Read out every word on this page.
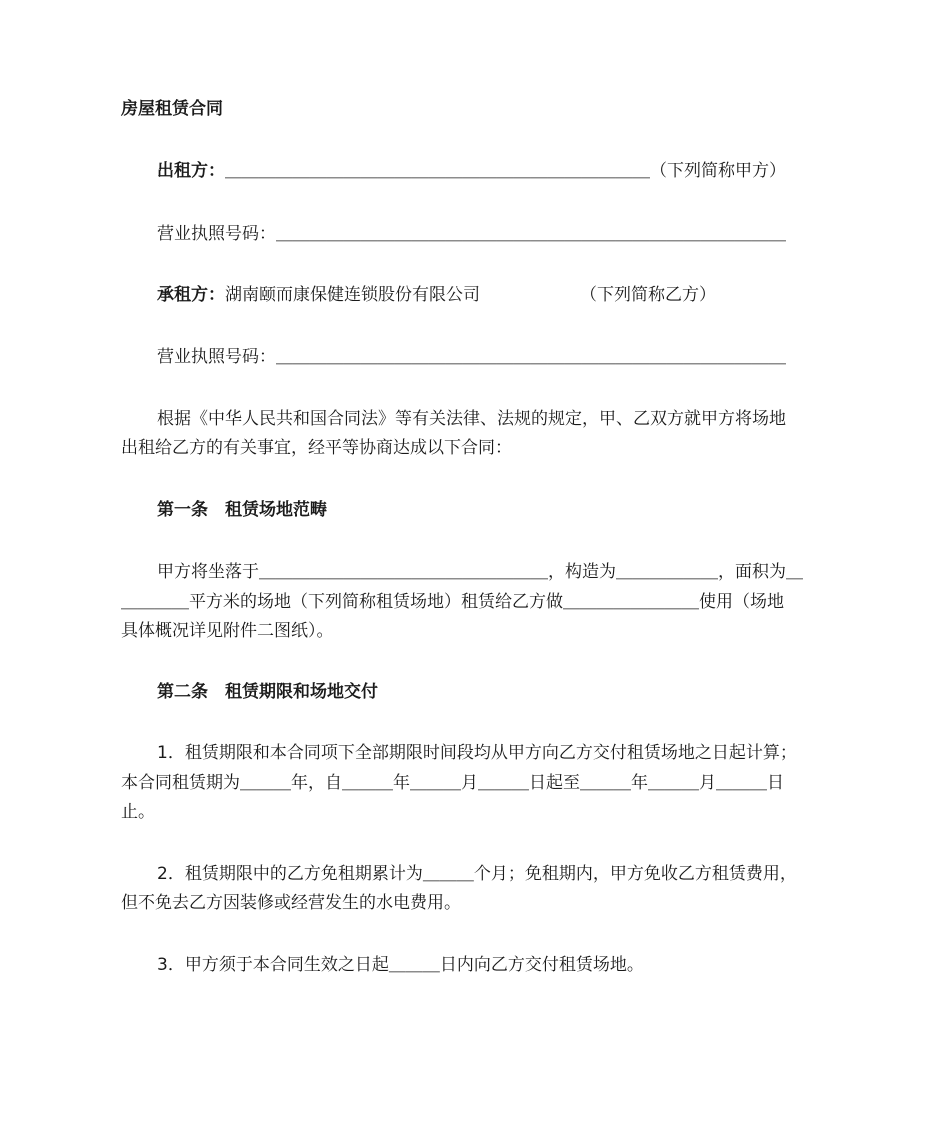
房屋租赁合同
出租方：＿＿＿＿＿＿＿＿＿＿＿＿＿＿＿＿＿＿＿＿＿＿＿＿＿（下列简称甲方）
营业执照号码：＿＿＿＿＿＿＿＿＿＿＿＿＿＿＿＿＿＿＿＿＿＿＿＿＿＿＿＿＿＿
承租方：湖南颐而康保健连锁股份有限公司	（下列简称乙方）
营业执照号码：＿＿＿＿＿＿＿＿＿＿＿＿＿＿＿＿＿＿＿＿＿＿＿＿＿＿＿＿＿＿
根据《中华人民共和国合同法》等有关法律、法规的规定，甲、乙双方就甲方将场地
出租给乙方的有关事宜，经平等协商达成以下合同：
第一条　租赁场地范畴
甲方将坐落于＿＿＿＿＿＿＿＿＿＿＿＿＿＿＿＿＿，构造为＿＿＿＿＿＿，面积为＿
＿＿＿＿平方米的场地（下列简称租赁场地）租赁给乙方做＿＿＿＿＿＿＿＿使用（场地
具体概况详见附件二图纸）。
第二条　租赁期限和场地交付
1．租赁期限和本合同项下全部期限时间段均从甲方向乙方交付租赁场地之日起计算；
本合同租赁期为＿＿＿年，自＿＿＿年＿＿＿月＿＿＿日起至＿＿＿年＿＿＿月＿＿＿日
止。
2．租赁期限中的乙方免租期累计为＿＿＿个月；免租期内，甲方免收乙方租赁费用，
但不免去乙方因装修或经营发生的水电费用。
3．甲方须于本合同生效之日起＿＿＿日内向乙方交付租赁场地。
